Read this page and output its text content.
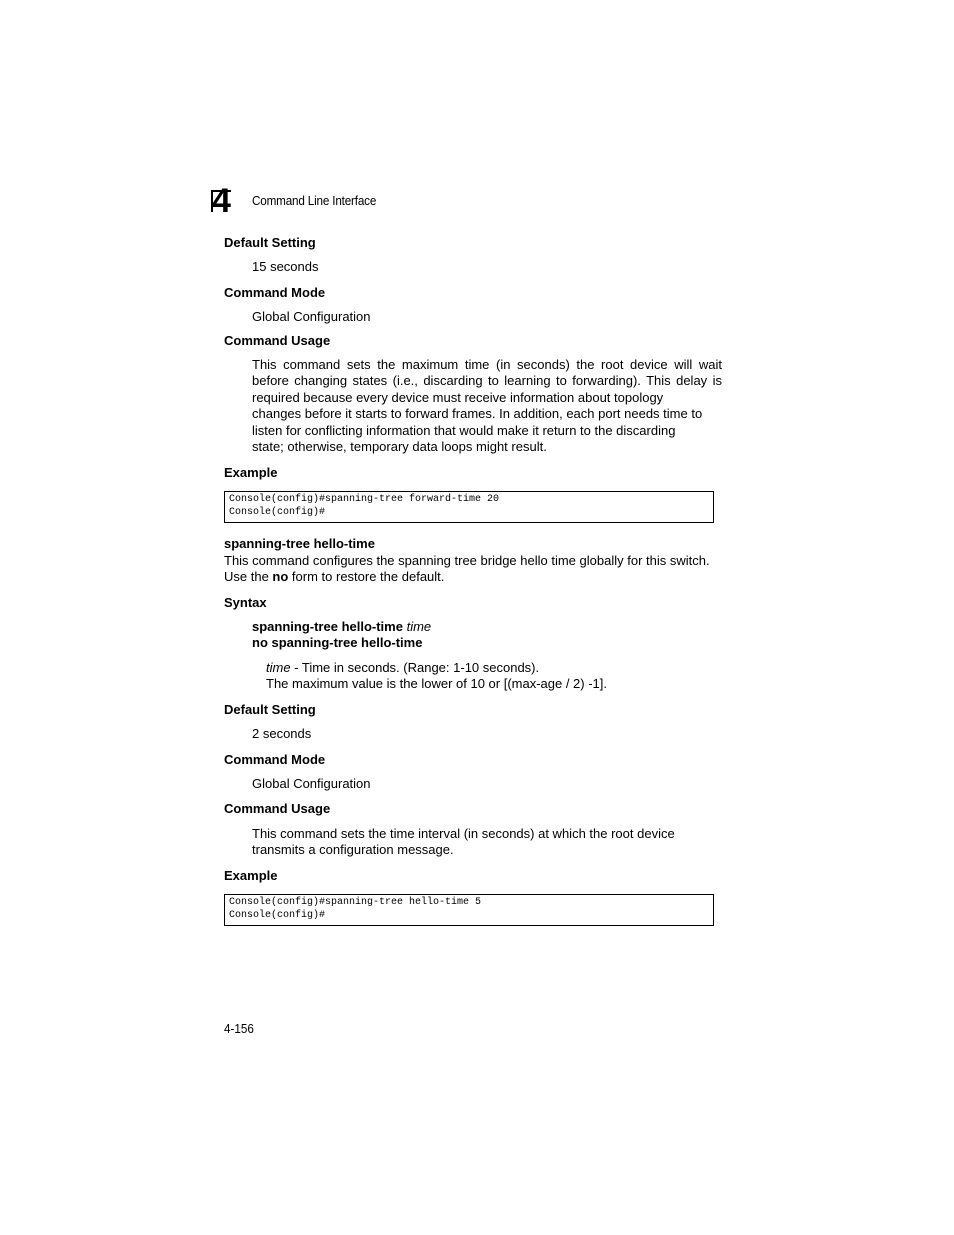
4 Command Line Interface
Default Setting
15 seconds
Command Mode
Global Configuration
Command Usage
This command sets the maximum time (in seconds) the root device will wait
before changing states (i.e., discarding to learning to forwarding). This delay is
required because every device must receive information about topology
changes before it starts to forward frames. In addition, each port needs time to
listen for conflicting information that would make it return to the discarding
state; otherwise, temporary data loops might result.
Example
Console(config)#spanning-tree forward-time 20
Console(config)#
spanning-tree hello-time
This command configures the spanning tree bridge hello time globally for this switch.
Use the no form to restore the default.
Syntax
spanning-tree hello-time time
no spanning-tree hello-time
time - Time in seconds. (Range: 1-10 seconds).
The maximum value is the lower of 10 or [(max-age / 2) -1].
Default Setting
2 seconds
Command Mode
Global Configuration
Command Usage
This command sets the time interval (in seconds) at which the root device
transmits a configuration message.
Example
Console(config)#spanning-tree hello-time 5
Console(config)#
4-156
